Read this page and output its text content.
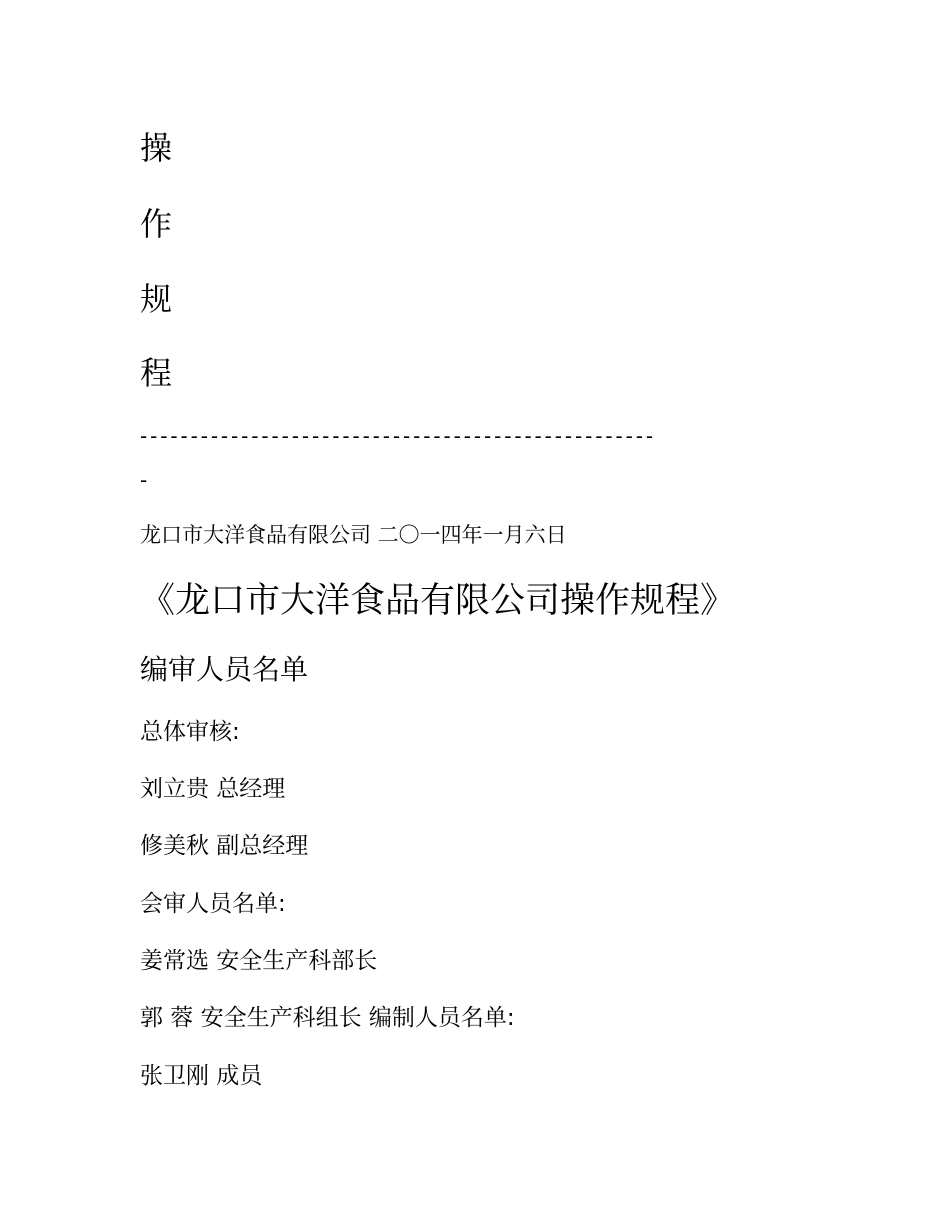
操

作

规

程

---------------------------------------------------
-

龙口市大洋食品有限公司 二〇一四年一月六日

《龙口市大洋食品有限公司操作规程》
编审人员名单

总体审核:

刘立贵 总经理

修美秋 副总经理

会审人员名单:

姜常选 安全生产科部长

郭 蓉 安全生产科组长 编制人员名单:

张卫刚 成员
